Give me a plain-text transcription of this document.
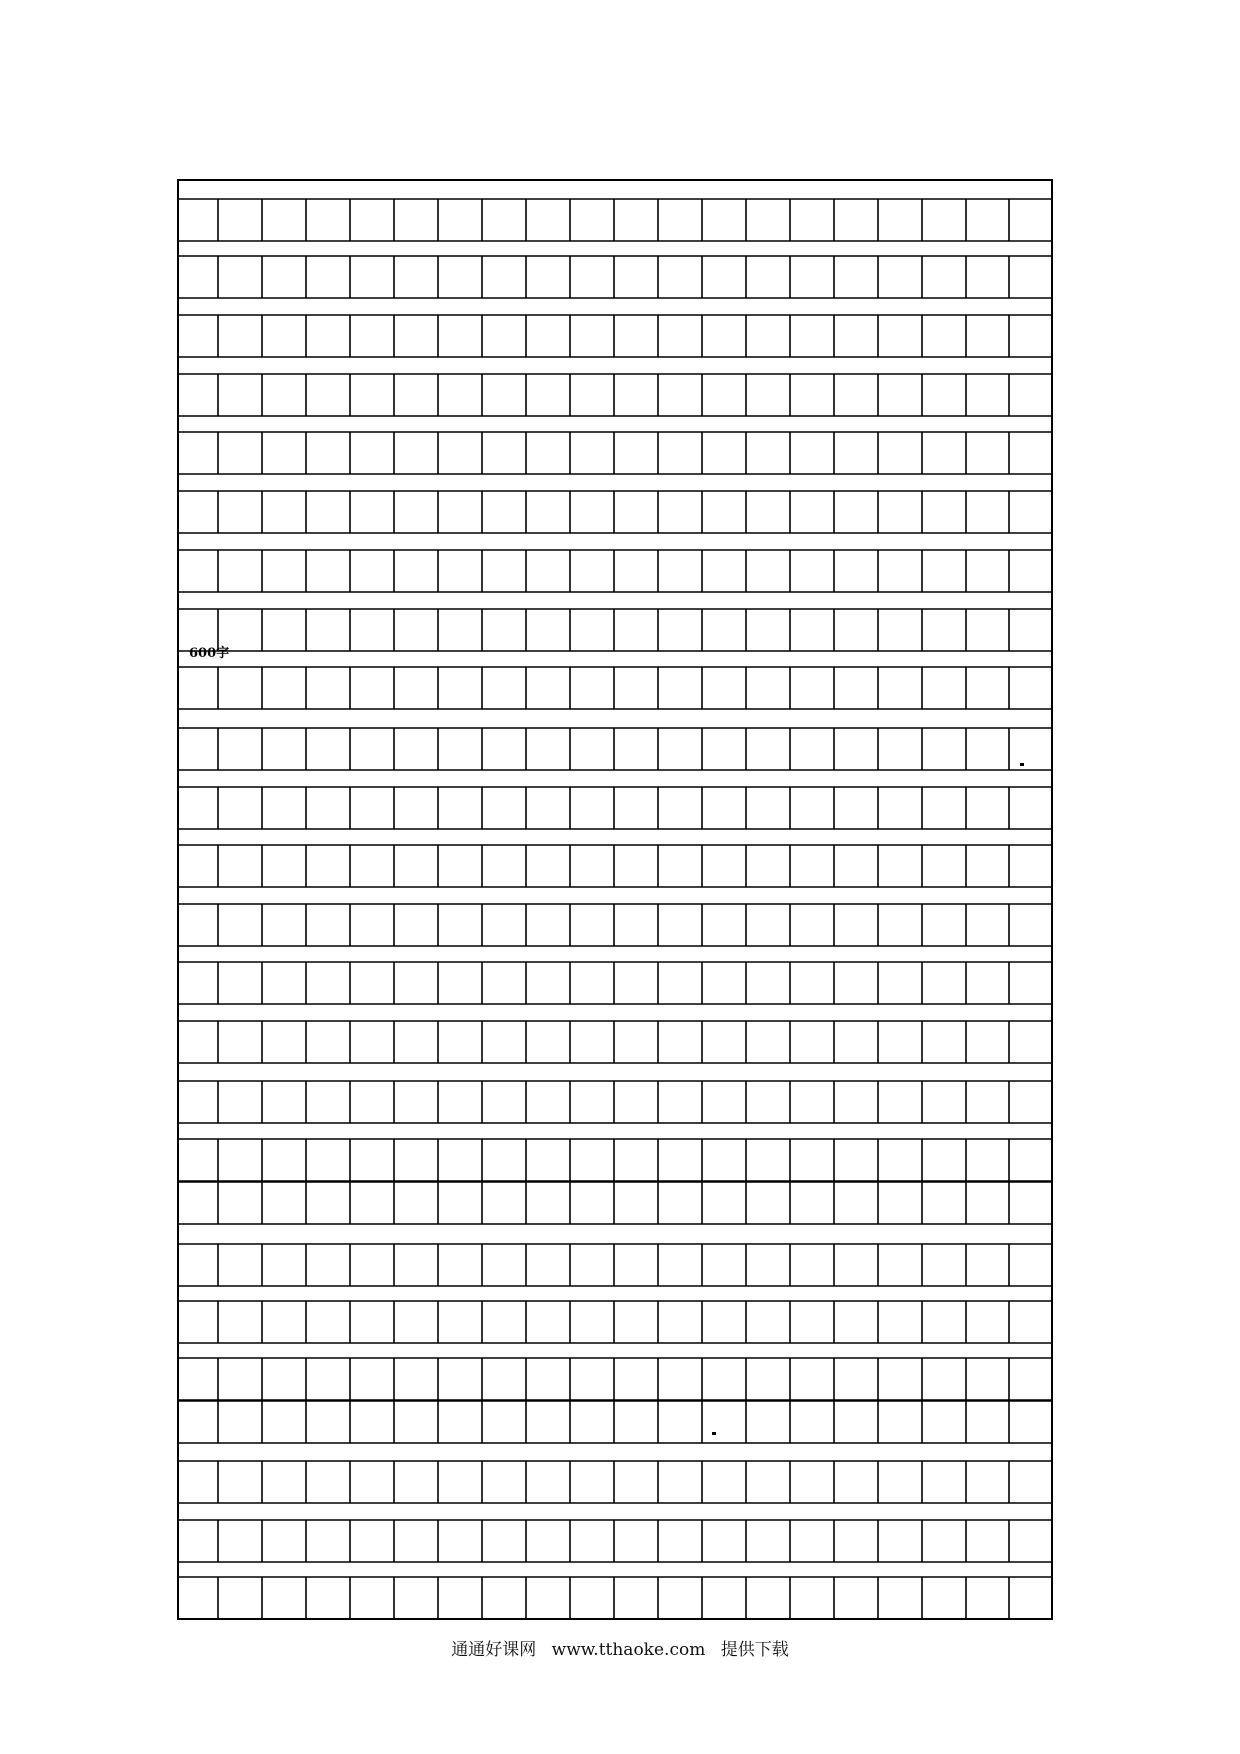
600字
通通好课网 www.tthaoke.com 提供下载
